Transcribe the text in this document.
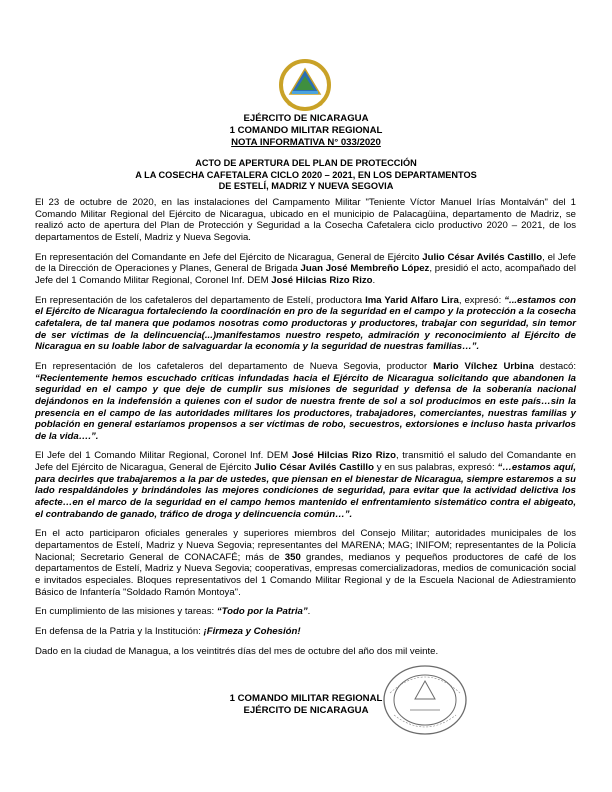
EJÉRCITO DE NICARAGUA
1 COMANDO MILITAR REGIONAL
NOTA INFORMATIVA N° 033/2020
ACTO DE APERTURA DEL PLAN DE PROTECCIÓN
A LA COSECHA CAFETALERA CICLO 2020 – 2021, EN LOS DEPARTAMENTOS
DE ESTELÍ, MADRIZ Y NUEVA SEGOVIA

El 23 de octubre de 2020, en las instalaciones del Campamento Militar "Teniente Víctor Manuel Irías Montalván" del 1 Comando Militar Regional del Ejército de Nicaragua, ubicado en el municipio de Palacagüina, departamento de Madriz, se realizó acto de apertura del Plan de Protección y Seguridad a la Cosecha Cafetalera ciclo productivo 2020 – 2021, de los departamentos de Estelí, Madriz y Nueva Segovia.

En representación del Comandante en Jefe del Ejército de Nicaragua, General de Ejército Julio César Avilés Castillo, el Jefe de la Dirección de Operaciones y Planes, General de Brigada Juan José Membreño López, presidió el acto, acompañado del Jefe del 1 Comando Militar Regional, Coronel Inf. DEM José Hilcias Rizo Rizo.

En representación de los cafetaleros del departamento de Estelí, productora Ima Yarid Alfaro Lira, expresó: “...estamos con el Ejército de Nicaragua fortaleciendo la coordinación en pro de la seguridad en el campo y la protección a la cosecha cafetalera, de tal manera que podamos nosotras como productoras y productores, trabajar con seguridad, sin temor de ser víctimas de la delincuencia(...)manifestamos nuestro respeto, admiración y reconocimiento al Ejército de Nicaragua en su loable labor de salvaguardar la economía y la seguridad de nuestras familias…”.

En representación de los cafetaleros del departamento de Nueva Segovia, productor Mario Vílchez Urbina destacó: “Recientemente hemos escuchado críticas infundadas hacia el Ejército de Nicaragua solicitando que abandonen la seguridad en el campo y que deje de cumplir sus misiones de seguridad y defensa de la soberanía nacional dejándonos en la indefensión a quienes con el sudor de nuestra frente de sol a sol producimos en este país…sin la presencia en el campo de las autoridades militares los productores, trabajadores, comerciantes, nuestras familias y población en general estaríamos propensos a ser víctimas de robo, secuestros, extorsiones e incluso hasta privarlos de la vida….”.

El Jefe del 1 Comando Militar Regional, Coronel Inf. DEM José Hilcias Rizo Rizo, transmitió el saludo del Comandante en Jefe del Ejército de Nicaragua, General de Ejército Julio César Avilés Castillo y en sus palabras, expresó: “…estamos aquí, para decirles que trabajaremos a la par de ustedes, que piensan en el bienestar de Nicaragua, siempre estaremos a su lado respaldándoles y brindándoles las mejores condiciones de seguridad, para evitar que la actividad delictiva los afecte…en el marco de la seguridad en el campo hemos mantenido el enfrentamiento sistemático contra el abigeato, el contrabando de ganado, tráfico de droga y delincuencia común…”.

En el acto participaron oficiales generales y superiores miembros del Consejo Militar; autoridades municipales de los departamentos de Estelí, Madriz y Nueva Segovia; representantes del MARENA; MAG; INIFOM; representantes de la Policía Nacional; Secretario General de CONACAFÉ; más de 350 grandes, medianos y pequeños productores de café de los departamentos de Estelí, Madriz y Nueva Segovia; cooperativas, empresas comercializadoras, medios de comunicación social e invitados especiales. Bloques representativos del 1 Comando Militar Regional y de la Escuela Nacional de Adiestramiento Básico de Infantería "Soldado Ramón Montoya".

En cumplimiento de las misiones y tareas: “Todo por la Patria”.

En defensa de la Patria y la Institución: ¡Firmeza y Cohesión!

Dado en la ciudad de Managua, a los veintitrés días del mes de octubre del año dos mil veinte.

1 COMANDO MILITAR REGIONAL
EJÉRCITO DE NICARAGUA
